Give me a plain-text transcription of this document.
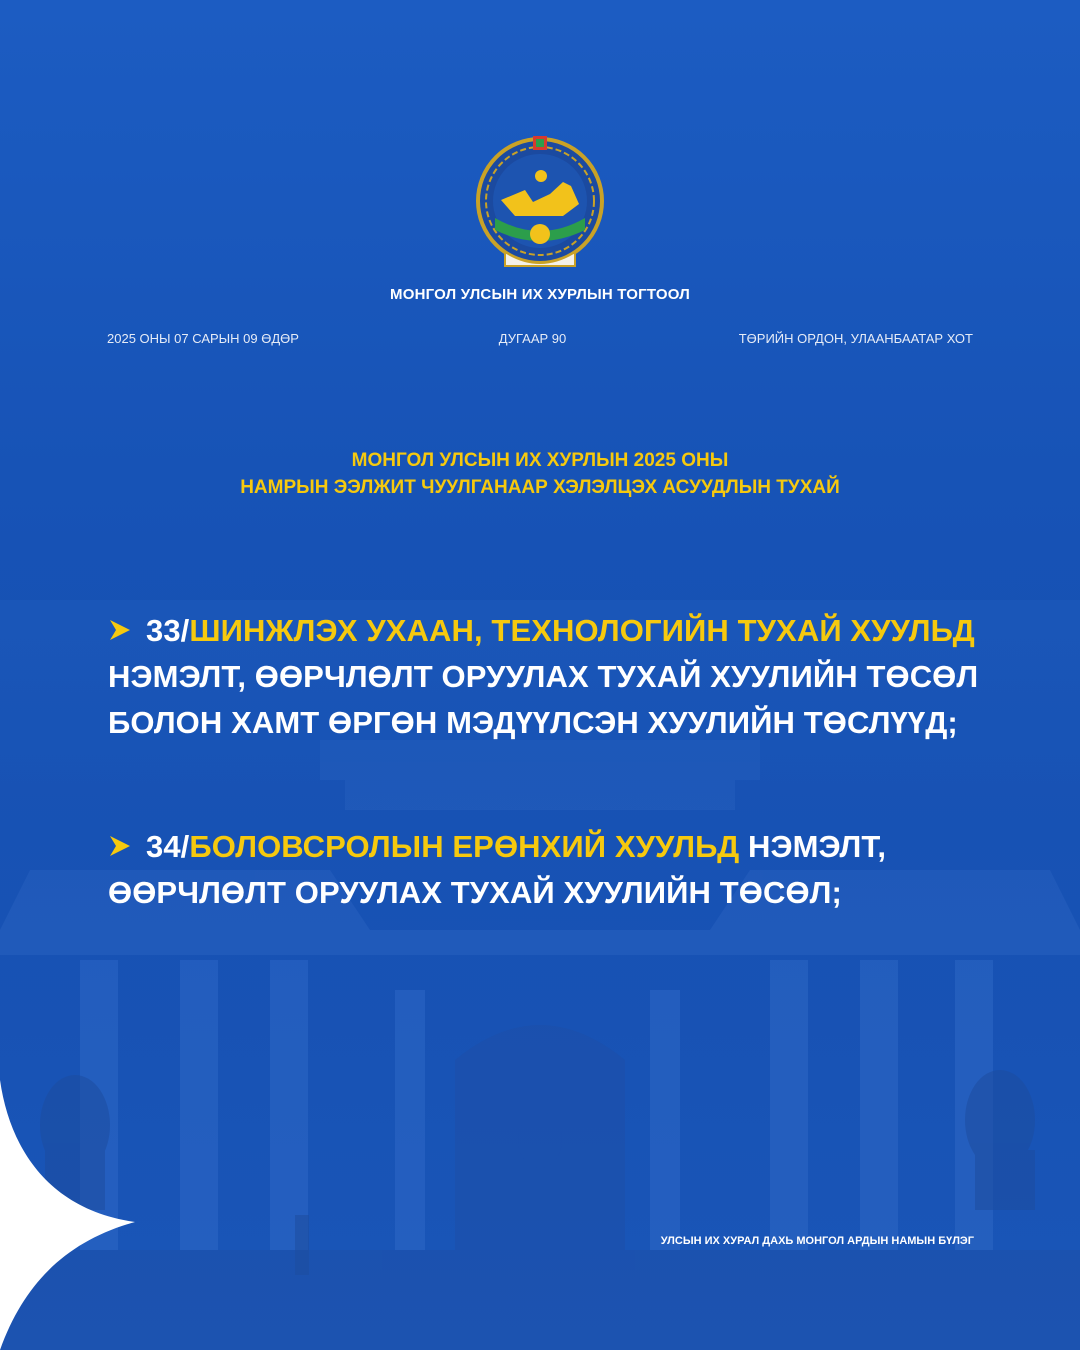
МОНГОЛ УЛСЫН ИХ ХУРЛЫН ТОГТООЛ
2025 ОНЫ 07 САРЫН 09 ӨДӨР	ДУГААР 90	ТӨРИЙН ОРДОН, УЛААНБААТАР ХОТ
МОНГОЛ УЛСЫН ИХ ХУРЛЫН 2025 ОНЫ
НАМРЫН ЭЭЛЖИТ ЧУУЛГАНААР ХЭЛЭЛЦЭХ АСУУДЛЫН ТУХАЙ
33/ШИНЖЛЭХ УХААН, ТЕХНОЛОГИЙН ТУХАЙ ХУУЛЬД
НЭМЭЛТ, ӨӨРЧЛӨЛТ ОРУУЛАХ ТУХАЙ ХУУЛИЙН ТӨСӨЛ
БОЛОН ХАМТ ӨРГӨН МЭДҮҮЛСЭН ХУУЛИЙН ТӨСЛҮҮД;
34/БОЛОВСРОЛЫН ЕРӨНХИЙ ХУУЛЬД НЭМЭЛТ,
ӨӨРЧЛӨЛТ ОРУУЛАХ ТУХАЙ ХУУЛИЙН ТӨСӨЛ;
УЛСЫН ИХ ХУРАЛ ДАХЬ МОНГОЛ АРДЫН НАМЫН БҮЛЭГ
